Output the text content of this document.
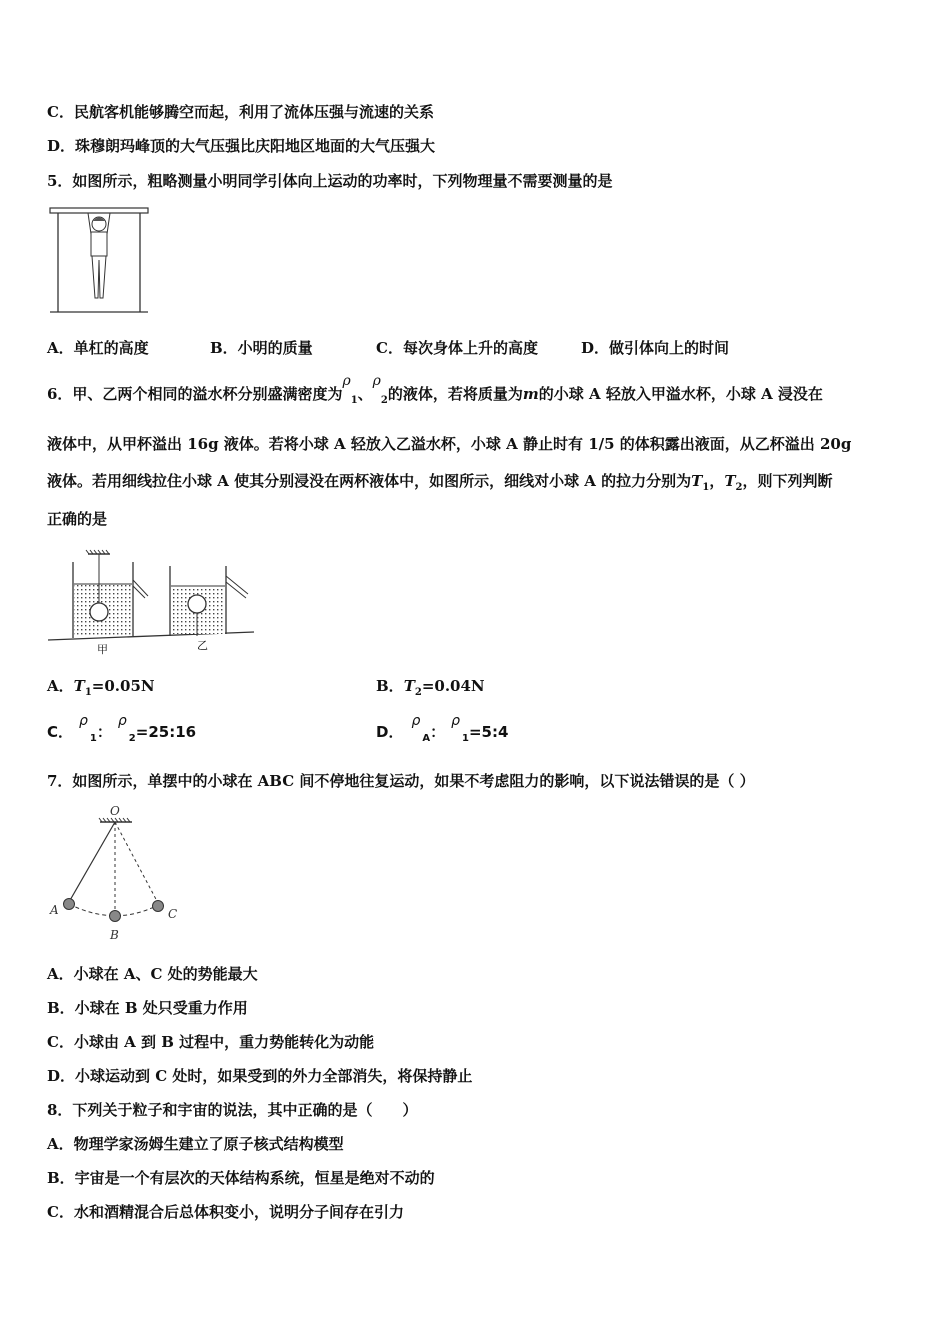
C．民航客机能够腾空而起，利用了流体压强与流速的关系
D．珠穆朗玛峰顶的大气压强比庆阳地区地面的大气压强大
5．如图所示，粗略测量小明同学引体向上运动的功率时，下列物理量不需要测量的是
A．单杠的高度	B．小明的质量	C．每次身体上升的高度	D．做引体向上的时间
6．甲、乙两个相同的溢水杯分别盛满密度为$\rho_1$、$\rho_2$的液体，若将质量为m的小球 A 轻放入甲溢水杯，小球 A 浸没在
液体中，从甲杯溢出 16g 液体。若将小球 A 轻放入乙溢水杯，小球 A 静止时有 1/5 的体积露出液面，从乙杯溢出 20g
液体。若用细线拉住小球 A 使其分别浸没在两杯液体中，如图所示，细线对小球 A 的拉力分别为$T_1$，$T_2$，则下列判断
正确的是
甲	乙
A．$T_1=0.05N$	B．$T_2=0.04N$
C．$\rho_1$：$\rho_2=25:16$	D．$\rho_A$：$\rho_1=5:4$
7．如图所示，单摆中的小球在 ABC 间不停地往复运动，如果不考虑阻力的影响，以下说法错误的是（ ）
O
A
B
C
A．小球在 A、C 处的势能最大
B．小球在 B 处只受重力作用
C．小球由 A 到 B 过程中，重力势能转化为动能
D．小球运动到 C 处时，如果受到的外力全部消失，将保持静止
8．下列关于粒子和宇宙的说法，其中正确的是（　　）
A．物理学家汤姆生建立了原子核式结构模型
B．宇宙是一个有层次的天体结构系统，恒星是绝对不动的
C．水和酒精混合后总体积变小，说明分子间存在引力
